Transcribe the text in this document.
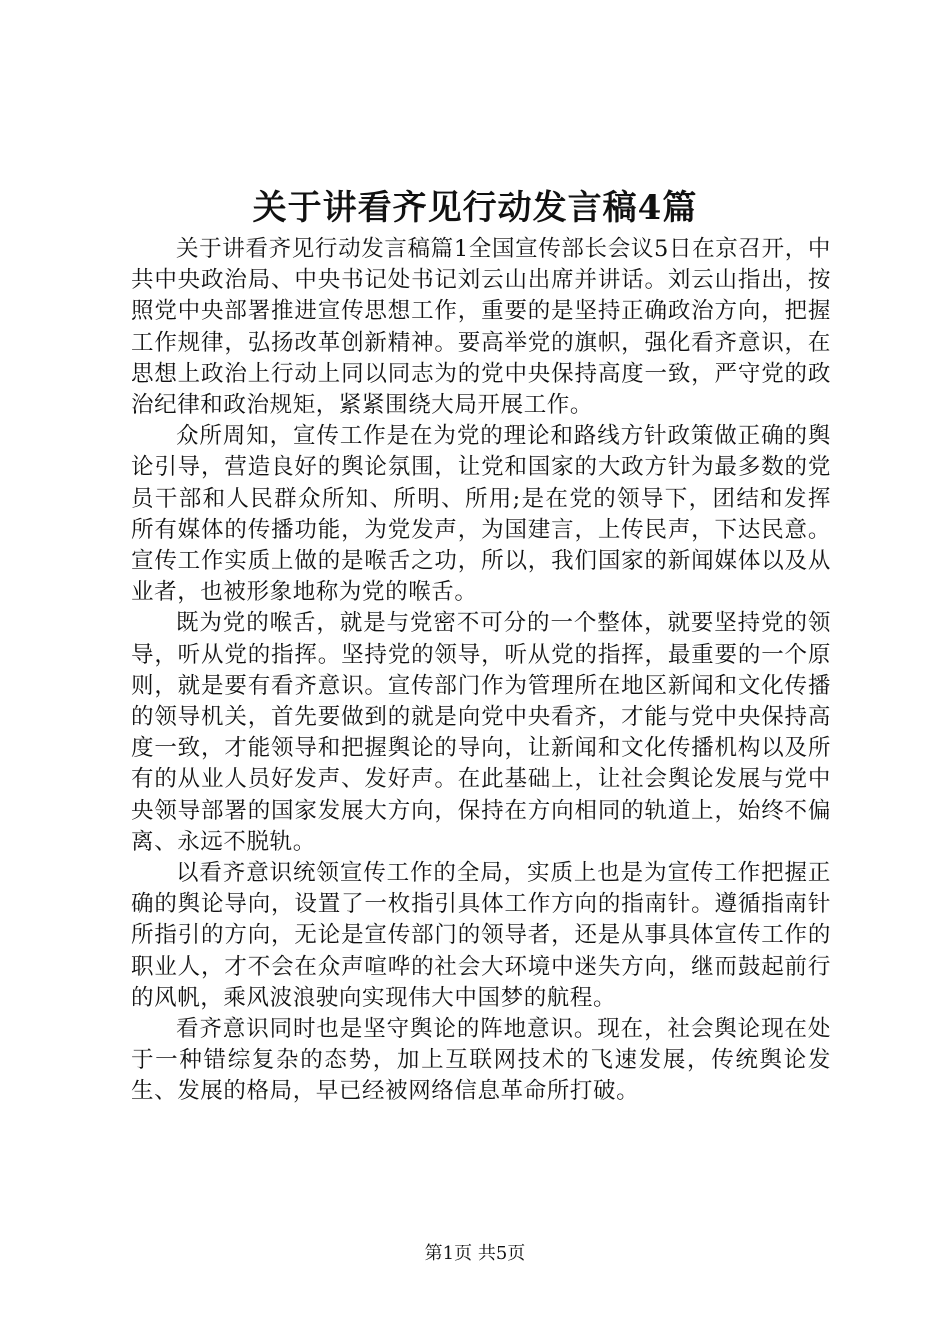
关于讲看齐见行动发言稿4篇

关于讲看齐见行动发言稿篇1全国宣传部长会议5日在京召开，中共中央政治局、中央书记处书记刘云山出席并讲话。刘云山指出，按照党中央部署推进宣传思想工作，重要的是坚持正确政治方向，把握工作规律，弘扬改革创新精神。要高举党的旗帜，强化看齐意识，在思想上政治上行动上同以同志为的党中央保持高度一致，严守党的政治纪律和政治规矩，紧紧围绕大局开展工作。

众所周知，宣传工作是在为党的理论和路线方针政策做正确的舆论引导，营造良好的舆论氛围，让党和国家的大政方针为最多数的党员干部和人民群众所知、所明、所用;是在党的领导下，团结和发挥所有媒体的传播功能，为党发声，为国建言，上传民声，下达民意。宣传工作实质上做的是喉舌之功，所以，我们国家的新闻媒体以及从业者，也被形象地称为党的喉舌。

既为党的喉舌，就是与党密不可分的一个整体，就要坚持党的领导，听从党的指挥。坚持党的领导，听从党的指挥，最重要的一个原则，就是要有看齐意识。宣传部门作为管理所在地区新闻和文化传播的领导机关，首先要做到的就是向党中央看齐，才能与党中央保持高度一致，才能领导和把握舆论的导向，让新闻和文化传播机构以及所有的从业人员好发声、发好声。在此基础上，让社会舆论发展与党中央领导部署的国家发展大方向，保持在方向相同的轨道上，始终不偏离、永远不脱轨。

以看齐意识统领宣传工作的全局，实质上也是为宣传工作把握正确的舆论导向，设置了一枚指引具体工作方向的指南针。遵循指南针所指引的方向，无论是宣传部门的领导者，还是从事具体宣传工作的职业人，才不会在众声喧哗的社会大环境中迷失方向，继而鼓起前行的风帆，乘风波浪驶向实现伟大中国梦的航程。

看齐意识同时也是坚守舆论的阵地意识。现在，社会舆论现在处于一种错综复杂的态势，加上互联网技术的飞速发展，传统舆论发生、发展的格局，早已经被网络信息革命所打破。

第1页 共5页
